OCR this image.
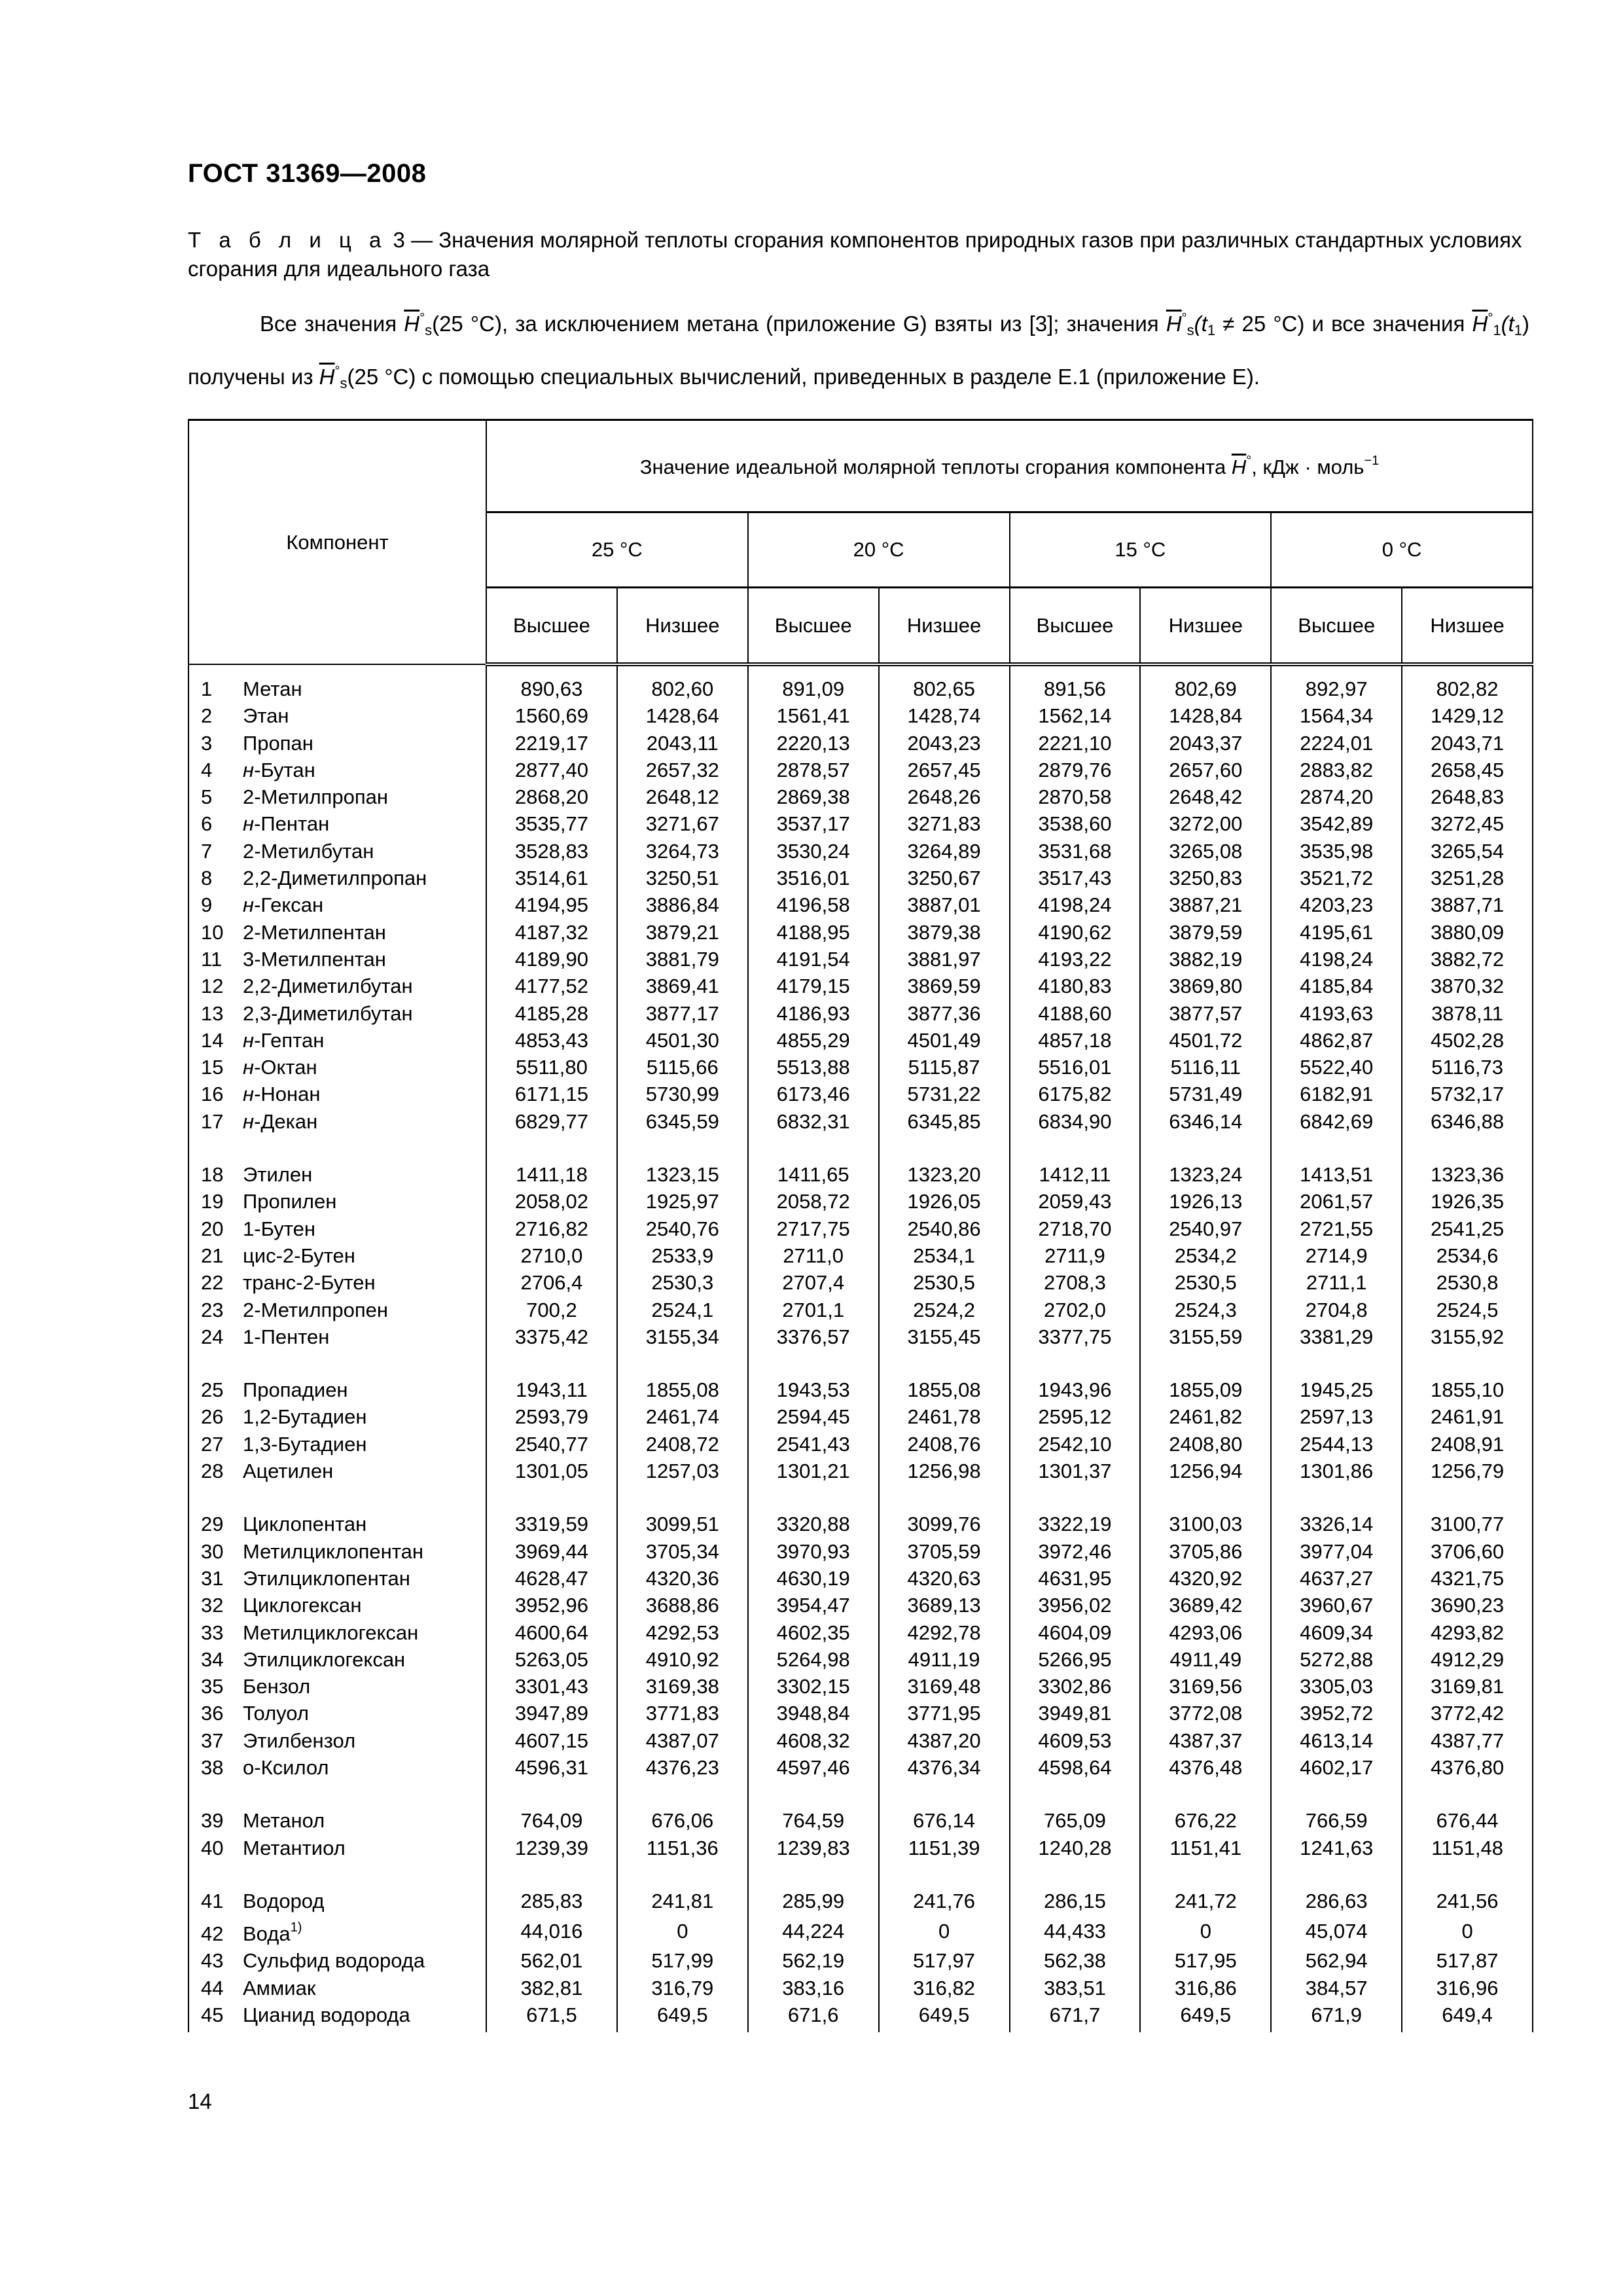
ГОСТ 31369—2008
Т а б л и ц а 3 — Значения молярной теплоты сгорания компонентов природных газов при различных стандартных условиях сгорания для идеального газа
Все значения $\overline{H}^\circ_s(25$ °C), за исключением метана (приложение G) взяты из [3]; значения $\overline{H}^\circ_s(t_1 \ne 25$ °C) и все значения $\overline{H}^\circ_1(t_1)$ получены из $\overline{H}^\circ_s(25$ °C) с помощью специальных вычислений, приведенных в разделе E.1 (приложение E).
Компонент	Значение идеальной молярной теплоты сгорания компонента $\overline{H}^\circ$, кДж · моль$^{-1}$
	25 °C		20 °C		15 °C		0 °C	
	Высшее	Низшее	Высшее	Низшее	Высшее	Низшее	Высшее	Низшее

1 Метан	890,63	802,60	891,09	802,65	891,56	802,69	892,97	802,82
2 Этан	1560,69	1428,64	1561,41	1428,74	1562,14	1428,84	1564,34	1429,12
3 Пропан	2219,17	2043,11	2220,13	2043,23	2221,10	2043,37	2224,01	2043,71
4 н-Бутан	2877,40	2657,32	2878,57	2657,45	2879,76	2657,60	2883,82	2658,45
5 2-Метилпропан	2868,20	2648,12	2869,38	2648,26	2870,58	2648,42	2874,20	2648,83
6 н-Пентан	3535,77	3271,67	3537,17	3271,83	3538,60	3272,00	3542,89	3272,45
7 2-Метилбутан	3528,83	3264,73	3530,24	3264,89	3531,68	3265,08	3535,98	3265,54
8 2,2-Диметилпропан	3514,61	3250,51	3516,01	3250,67	3517,43	3250,83	3521,72	3251,28
9 н-Гексан	4194,95	3886,84	4196,58	3887,01	4198,24	3887,21	4203,23	3887,71
10 2-Метилпентан	4187,32	3879,21	4188,95	3879,38	4190,62	3879,59	4195,61	3880,09
11 3-Метилпентан	4189,90	3881,79	4191,54	3881,97	4193,22	3882,19	4198,24	3882,72
12 2,2-Диметилбутан	4177,52	3869,41	4179,15	3869,59	4180,83	3869,80	4185,84	3870,32
13 2,3-Диметилбутан	4185,28	3877,17	4186,93	3877,36	4188,60	3877,57	4193,63	3878,11
14 н-Гептан	4853,43	4501,30	4855,29	4501,49	4857,18	4501,72	4862,87	4502,28
15 н-Октан	5511,80	5115,66	5513,88	5115,87	5516,01	5116,11	5522,40	5116,73
16 н-Нонан	6171,15	5730,99	6173,46	5731,22	6175,82	5731,49	6182,91	5732,17
17 н-Декан	6829,77	6345,59	6832,31	6345,85	6834,90	6346,14	6842,69	6346,88

18 Этилен	1411,18	1323,15	1411,65	1323,20	1412,11	1323,24	1413,51	1323,36
19 Пропилен	2058,02	1925,97	2058,72	1926,05	2059,43	1926,13	2061,57	1926,35
20 1-Бутен	2716,82	2540,76	2717,75	2540,86	2718,70	2540,97	2721,55	2541,25
21 цис-2-Бутен	2710,0	2533,9	2711,0	2534,1	2711,9	2534,2	2714,9	2534,6
22 транс-2-Бутен	2706,4	2530,3	2707,4	2530,5	2708,3	2530,5	2711,1	2530,8
23 2-Метилпропен	700,2	2524,1	2701,1	2524,2	2702,0	2524,3	2704,8	2524,5
24 1-Пентен	3375,42	3155,34	3376,57	3155,45	3377,75	3155,59	3381,29	3155,92

25 Пропадиен	1943,11	1855,08	1943,53	1855,08	1943,96	1855,09	1945,25	1855,10
26 1,2-Бутадиен	2593,79	2461,74	2594,45	2461,78	2595,12	2461,82	2597,13	2461,91
27 1,3-Бутадиен	2540,77	2408,72	2541,43	2408,76	2542,10	2408,80	2544,13	2408,91
28 Ацетилен	1301,05	1257,03	1301,21	1256,98	1301,37	1256,94	1301,86	1256,79

29 Циклопентан	3319,59	3099,51	3320,88	3099,76	3322,19	3100,03	3326,14	3100,77
30 Метилциклопентан	3969,44	3705,34	3970,93	3705,59	3972,46	3705,86	3977,04	3706,60
31 Этилциклопентан	4628,47	4320,36	4630,19	4320,63	4631,95	4320,92	4637,27	4321,75
32 Циклогексан	3952,96	3688,86	3954,47	3689,13	3956,02	3689,42	3960,67	3690,23
33 Метилциклогексан	4600,64	4292,53	4602,35	4292,78	4604,09	4293,06	4609,34	4293,82
34 Этилциклогексан	5263,05	4910,92	5264,98	4911,19	5266,95	4911,49	5272,88	4912,29
35 Бензол	3301,43	3169,38	3302,15	3169,48	3302,86	3169,56	3305,03	3169,81
36 Толуол	3947,89	3771,83	3948,84	3771,95	3949,81	3772,08	3952,72	3772,42
37 Этилбензол	4607,15	4387,07	4608,32	4387,20	4609,53	4387,37	4613,14	4387,77
38 о-Ксилол	4596,31	4376,23	4597,46	4376,34	4598,64	4376,48	4602,17	4376,80

39 Метанол	764,09	676,06	764,59	676,14	765,09	676,22	766,59	676,44
40 Метантиол	1239,39	1151,36	1239,83	1151,39	1240,28	1151,41	1241,63	1151,48

41 Водород	285,83	241,81	285,99	241,76	286,15	241,72	286,63	241,56
42 Вода$^{1)}$	44,016	0	44,224	0	44,433	0	45,074	0
43 Сульфид водорода	562,01	517,99	562,19	517,97	562,38	517,95	562,94	517,87
44 Аммиак	382,81	316,79	383,16	316,82	383,51	316,86	384,57	316,96
45 Цианид водорода	671,5	649,5	671,6	649,5	671,7	649,5	671,9	649,4
14
